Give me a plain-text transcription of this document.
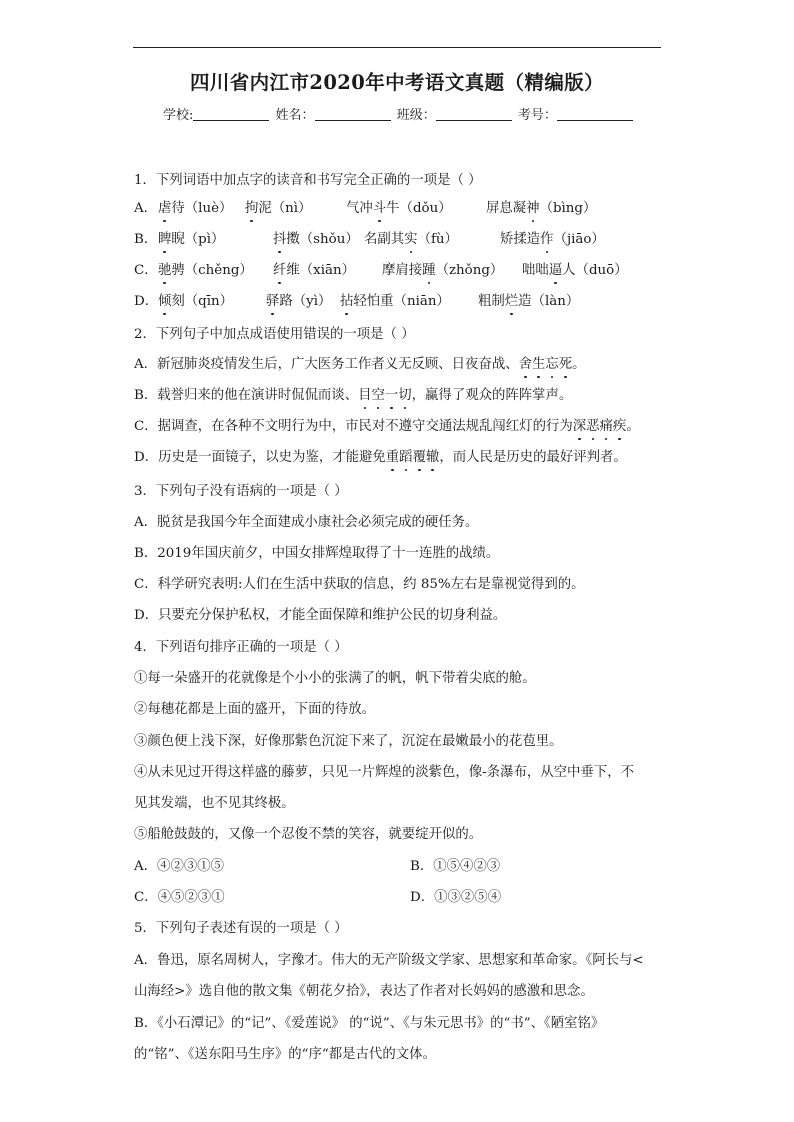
四川省内江市2020年中考语文真题（精编版）
学校:	姓名：	班级：	考号：
1．下列词语中加点字的读音和书写完全正确的一项是（ ）
A． 虐待（luè） 拘泥（nì）	气冲斗牛（dǒu）	屏息凝神（bìng）
B． 睥睨（pì）	抖擞（shǒu） 名副其实（fù）	矫揉造作（jiāo）
C． 驰骋（chěng） 纤维（xiān） 摩肩接踵（zhǒng） 咄咄逼人（duō）
D． 倾刻（qīn） 驿路（yì） 拈轻怕重（niān） 粗制烂造（làn）
2．下列句子中加点成语使用错误的一项是（ ）
A．新冠肺炎疫情发生后，广大医务工作者义无反顾、日夜奋战、舍生忘死。
B．载誉归来的他在演讲时侃侃而谈、目空一切，赢得了观众的阵阵掌声。
C．据调查，在各种不文明行为中，市民对不遵守交通法规乱闯红灯的行为深恶痛疾。
D．历史是一面镜子，以史为鉴，才能避免重蹈覆辙，而人民是历史的最好评判者。
3．下列句子没有语病的一项是（ ）
A．脱贫是我国今年全面建成小康社会必须完成的硬任务。
B．2019年国庆前夕，中国女排辉煌取得了十一连胜的战绩。
C．科学研究表明:人们在生活中获取的信息，约 85%左右是靠视觉得到的。
D．只要充分保护私权，才能全面保障和维护公民的切身利益。
4．下列语句排序正确的一项是（ ）
①每一朵盛开的花就像是个小小的张满了的帆，帆下带着尖底的舱。
②每穗花都是上面的盛开，下面的待放。
③颜色便上浅下深，好像那紫色沉淀下来了，沉淀在最嫩最小的花苞里。
④从未见过开得这样盛的藤萝，只见一片辉煌的淡紫色，像-条瀑布，从空中垂下，不
见其发端，也不见其终极。
⑤船舱鼓鼓的，又像一个忍俊不禁的笑容，就要绽开似的。
A．④②③①⑤	B．①⑤④②③
C．④⑤②③①	D．①③②⑤④
5．下列句子表述有误的一项是（ ）
A．鲁迅，原名周树人，字豫才。伟大的无产阶级文学家、思想家和革命家。《阿长与<
山海经>》选自他的散文集《朝花夕拾》，表达了作者对长妈妈的感激和思念。
B．《小石潭记》的“记”、《爱莲说》 的“说”、《与朱元思书》的“书”、《陋室铭》
的“铭”、《送东阳马生序》的“序“都是古代的文体。
